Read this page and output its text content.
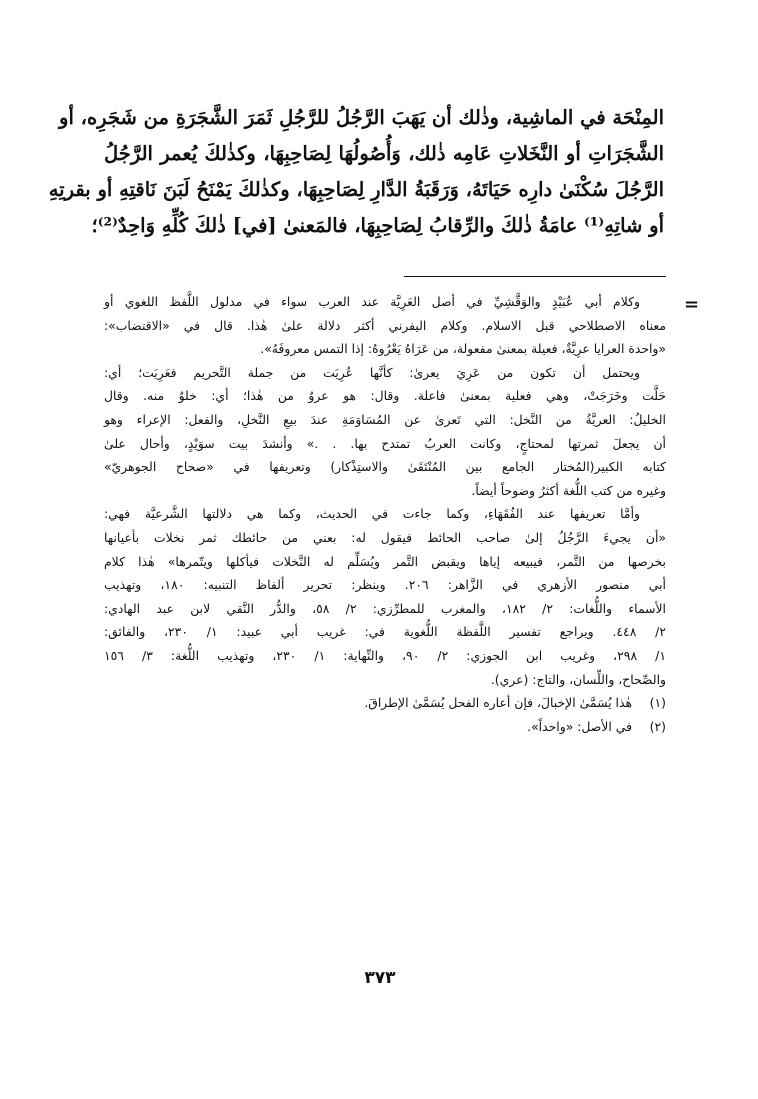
المِنْحَة في الماشِية، وذٰلك أن يَهَبَ الرَّجُلُ للرَّجُلِ ثَمَرَ الشَّجَرَةِ من شَجَرِه، أو

الشَّجَرَاتِ أو النَّخَلاتِ عَامِه ذٰلك، وَأُصُولُهَا لِصَاحِبِهَا، وكذٰلكَ يُعمر الرَّجُلُ

الرَّجُلَ سُكْنَىٰ دارِه حَيَاتَهُ، وَرَقَبَةُ الدَّارِ لِصَاحِبِهَا، وكذٰلكَ يَمْنَحُ لَبَنَ نَاقتِهِ أو بقرتِهِ

أو شاتِهِ⁽¹⁾ عامَةُ ذٰلكَ والرِّقابُ لِصَاحِبِهَا، فالمَعنىٰ [في] ذٰلكَ كُلِّهِ وَاحِدٌ⁽²⁾؛

=

وكلام أبي عُبَيْدٍ والوَقَّشِيِّ في أصل العَرِيَّة عند العرب سواء في مدلول اللَّفظ اللغوي أو

معناه الاصطلاحي قبل الاسلام. وكلام اليفرني أكثر دلالة علىٰ هٰذا. قال في «الاقتضاب»:

«واحدة العرايا عرِيَّةٌ، فعيلة بمعنىٰ مفعولة، من عَرَاهُ يَعْرُوهُ: إذا التمس معروفَهُ».

ويحتمل أن تكون من عَرِيَ يعرىٰ: كأنَّها عُرِيَت من جملة التَّحريم فعَرِيَت؛ أي:

حَلَّت وخَرَجَتْ، وهي فعلية بمعنىٰ فاعلة. وقال: هو عروٌ من هٰذا؛ أي: خلوٌ منه. وقال

الخليلُ: العريَّةُ من النَّخل: التي تَعرىٰ عن المُسَاوَمَةِ عندَ بيعِ النَّخلِ، والفعل: الإعراء وهو

أن يجعلَ ثمرتها لمحتاجٍ، وكانت العربُ تمتدح بها. . .» وأنشدَ بيت سوَيْدٍ، وأحال علىٰ

كتابه الكبير(المُختار الجامع بين المُنْتَقَىٰ والاستِذْكار) وتعريفها في «صحاح الجوهريّ»

وغيره من كتب اللُّغة أكثرُ وضوحاً أيضاً.

وأمَّا تعريفها عند الفُقَهَاءِ، وكما جاءت في الحديث، وكما هي دلالتها الشَّرعيَّة فهي:

«أن يجيءَ الرَّجُلُ إلىٰ صاحب الحائط فيقول له: بعني من حائطك ثمر نخلات بأعيانها

بخرصها من التَّمر، فيبيعه إياها ويقبض التَّمر ويُسَلِّم له النَّخلات فيأكلها ويتّمرها» هٰذا كلام

أبي منصور الأزهري في الزَّاهر: ٢٠٦. وينظر: تحرير ألفاظ التنبيه: ١٨٠، وتهذيب

الأسماء واللُّغات: ٢/ ١٨٢، والمغرب للمطرِّزي: ٢/ ٥٨، والدُّر النَّقي لابن عبد الهادي:

٢/ ٤٤٨. ويراجع تفسير اللَّفظة اللُّغوية في: غريب أبي عبيد: ١/ ٢٣٠، والفائق:

١/ ٢٩٨، وغريب ابن الجوزي: ٢/ ٩٠، والنِّهاية: ١/ ٢٣٠، وتهذيب اللُّغة: ٣/ ١٥٦

والصِّحاح، واللِّسان، والتاج: (عري).

(١)
هٰذا يُسَمَّىٰ الإخبالَ، فإن أعاره الفحل يُسَمَّىٰ الإطراقَ.

(٢)
في الأصل: «واحداً».

٣٧٣
